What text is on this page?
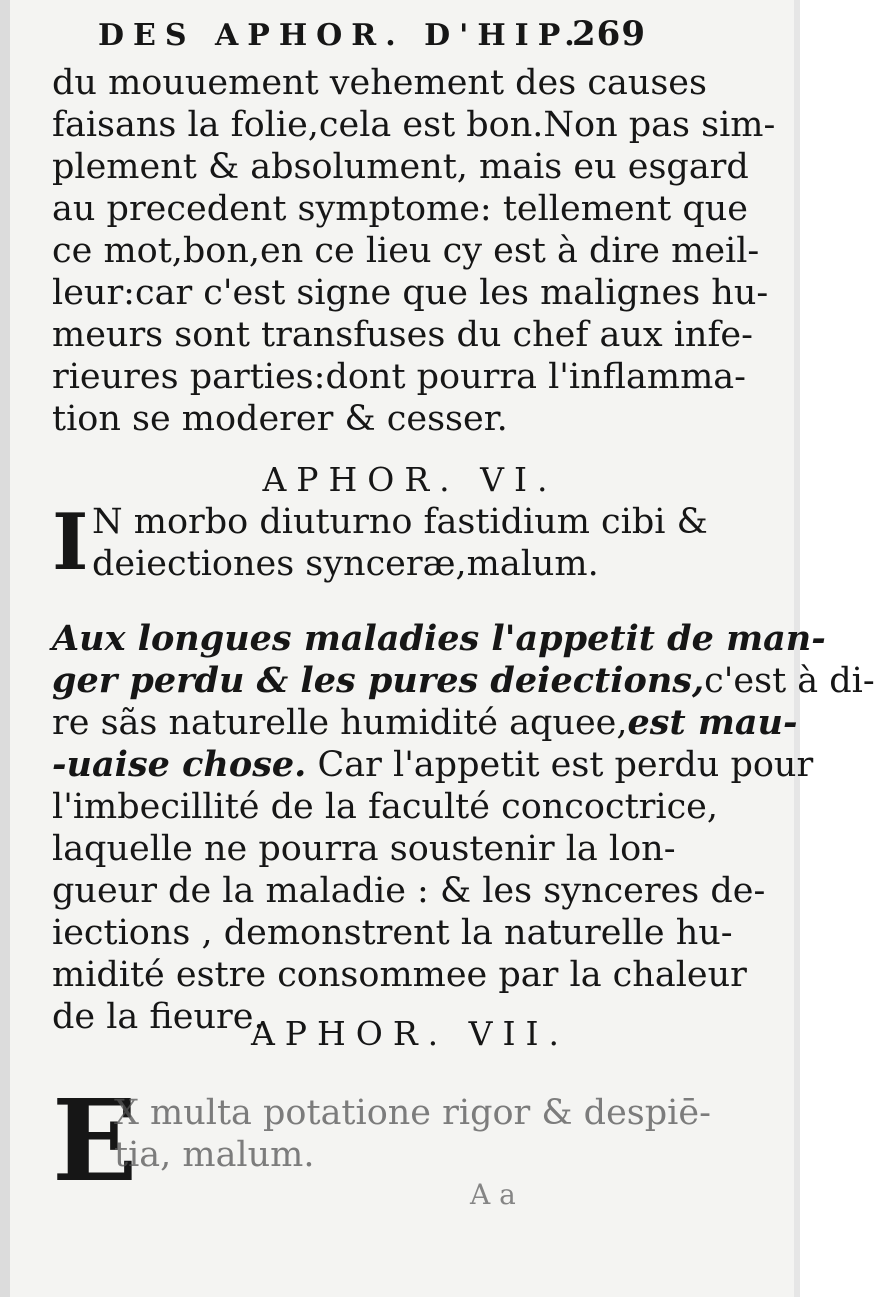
DES APHOR. D'HIP.
269
du mouuement vehement des causes
faisans la folie,cela est bon.Non pas sim-
plement & absolument, mais eu esgard
au precedent symptome: tellement que
ce mot,bon,en ce lieu cy est à dire meil-
leur:car c'est signe que les malignes hu-
meurs sont transfuses du chef aux infe-
rieures parties:dont pourra l'inflamma-
tion se moderer & cesser.
APHOR. VI.
I N morbo diuturno fastidium cibi &
deiectiones synceræ,malum.
Aux longues maladies l'appetit de man-
ger perdu & les pures deiections,c'est à di-
re sãs naturelle humidité aquee,est mau-
-uaise chose. Car l'appetit est perdu pour
l'imbecillité de la faculté concoctrice,
laquelle ne pourra soustenir la lon-
gueur de la maladie : & les synceres de-
iections , demonstrent la naturelle hu-
midité estre consommee par la chaleur
de la fieure.
APHOR. VII.
E
X multa potatione rigor & despiē-
tia, malum.
A a
